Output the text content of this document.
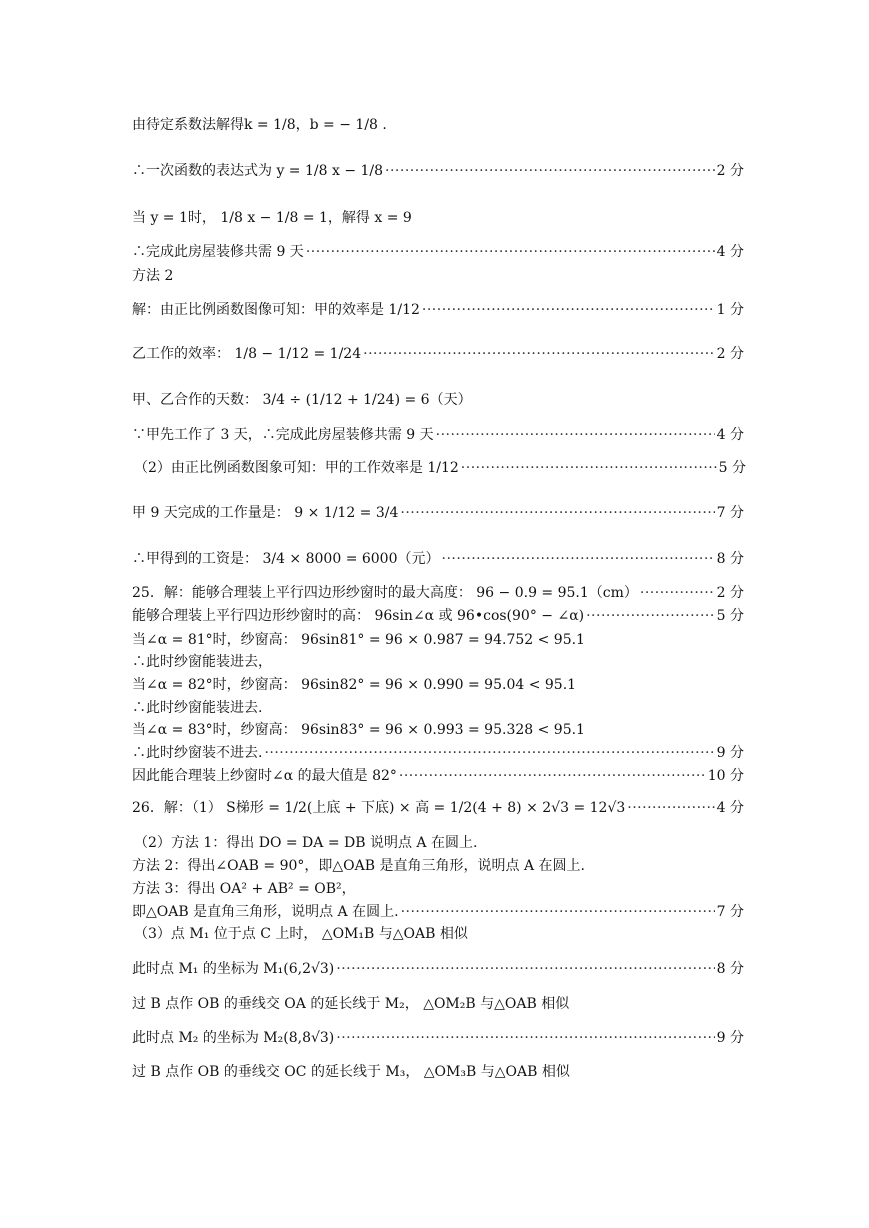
由待定系数法解得k = 1/8，b = − 1/8 .
∴一次函数的表达式为 y = 1/8 x − 1/8 ·····	2 分
当 y = 1时， 1/8 x − 1/8 = 1，解得 x = 9
∴完成此房屋装修共需 9 天 ·····	4 分
方法 2
解：由正比例函数图像可知：甲的效率是 1/12 ·····	1 分
乙工作的效率： 1/8 − 1/12 = 1/24 ·····	2 分
甲、乙合作的天数： 3/4 ÷ (1/12 + 1/24) = 6（天）
∵甲先工作了 3 天，∴完成此房屋装修共需 9 天 ·····	4 分
（2）由正比例函数图象可知：甲的工作效率是 1/12 ·····	5 分
甲 9 天完成的工作量是： 9 × 1/12 = 3/4 ·····	7 分
∴甲得到的工资是： 3/4 × 8000 = 6000（元） ·····	8 分
25．解：能够合理装上平行四边形纱窗时的最大高度： 96 − 0.9 = 95.1（cm） ·····	2 分
能够合理装上平行四边形纱窗时的高： 96sin∠α 或 96•cos(90° − ∠α) ·····	5 分
当∠α = 81°时，纱窗高： 96sin81° = 96 × 0.987 = 94.752 < 95.1
∴此时纱窗能装进去，
当∠α = 82°时，纱窗高： 96sin82° = 96 × 0.990 = 95.04 < 95.1
∴此时纱窗能装进去.
当∠α = 83°时，纱窗高： 96sin83° = 96 × 0.993 = 95.328 < 95.1
∴此时纱窗装不进去. ·····	9 分
因此能合理装上纱窗时∠α 的最大值是 82° ·····	10 分
26．解：（1） S梯形 = 1/2(上底 + 下底) × 高 = 1/2(4 + 8) × 2√3 = 12√3 ·····	4 分
（2）方法 1：得出 DO = DA = DB 说明点 A 在圆上.
方法 2：得出∠OAB = 90°，即△OAB 是直角三角形，说明点 A 在圆上.
方法 3：得出 OA² + AB² = OB²，
即△OAB 是直角三角形，说明点 A 在圆上. ·····	7 分
（3）点 M₁ 位于点 C 上时， △OM₁B 与△OAB 相似
此时点 M₁ 的坐标为 M₁(6,2√3) ·····	8 分
过 B 点作 OB 的垂线交 OA 的延长线于 M₂， △OM₂B 与△OAB 相似
此时点 M₂ 的坐标为 M₂(8,8√3) ·····	9 分
过 B 点作 OB 的垂线交 OC 的延长线于 M₃， △OM₃B 与△OAB 相似
